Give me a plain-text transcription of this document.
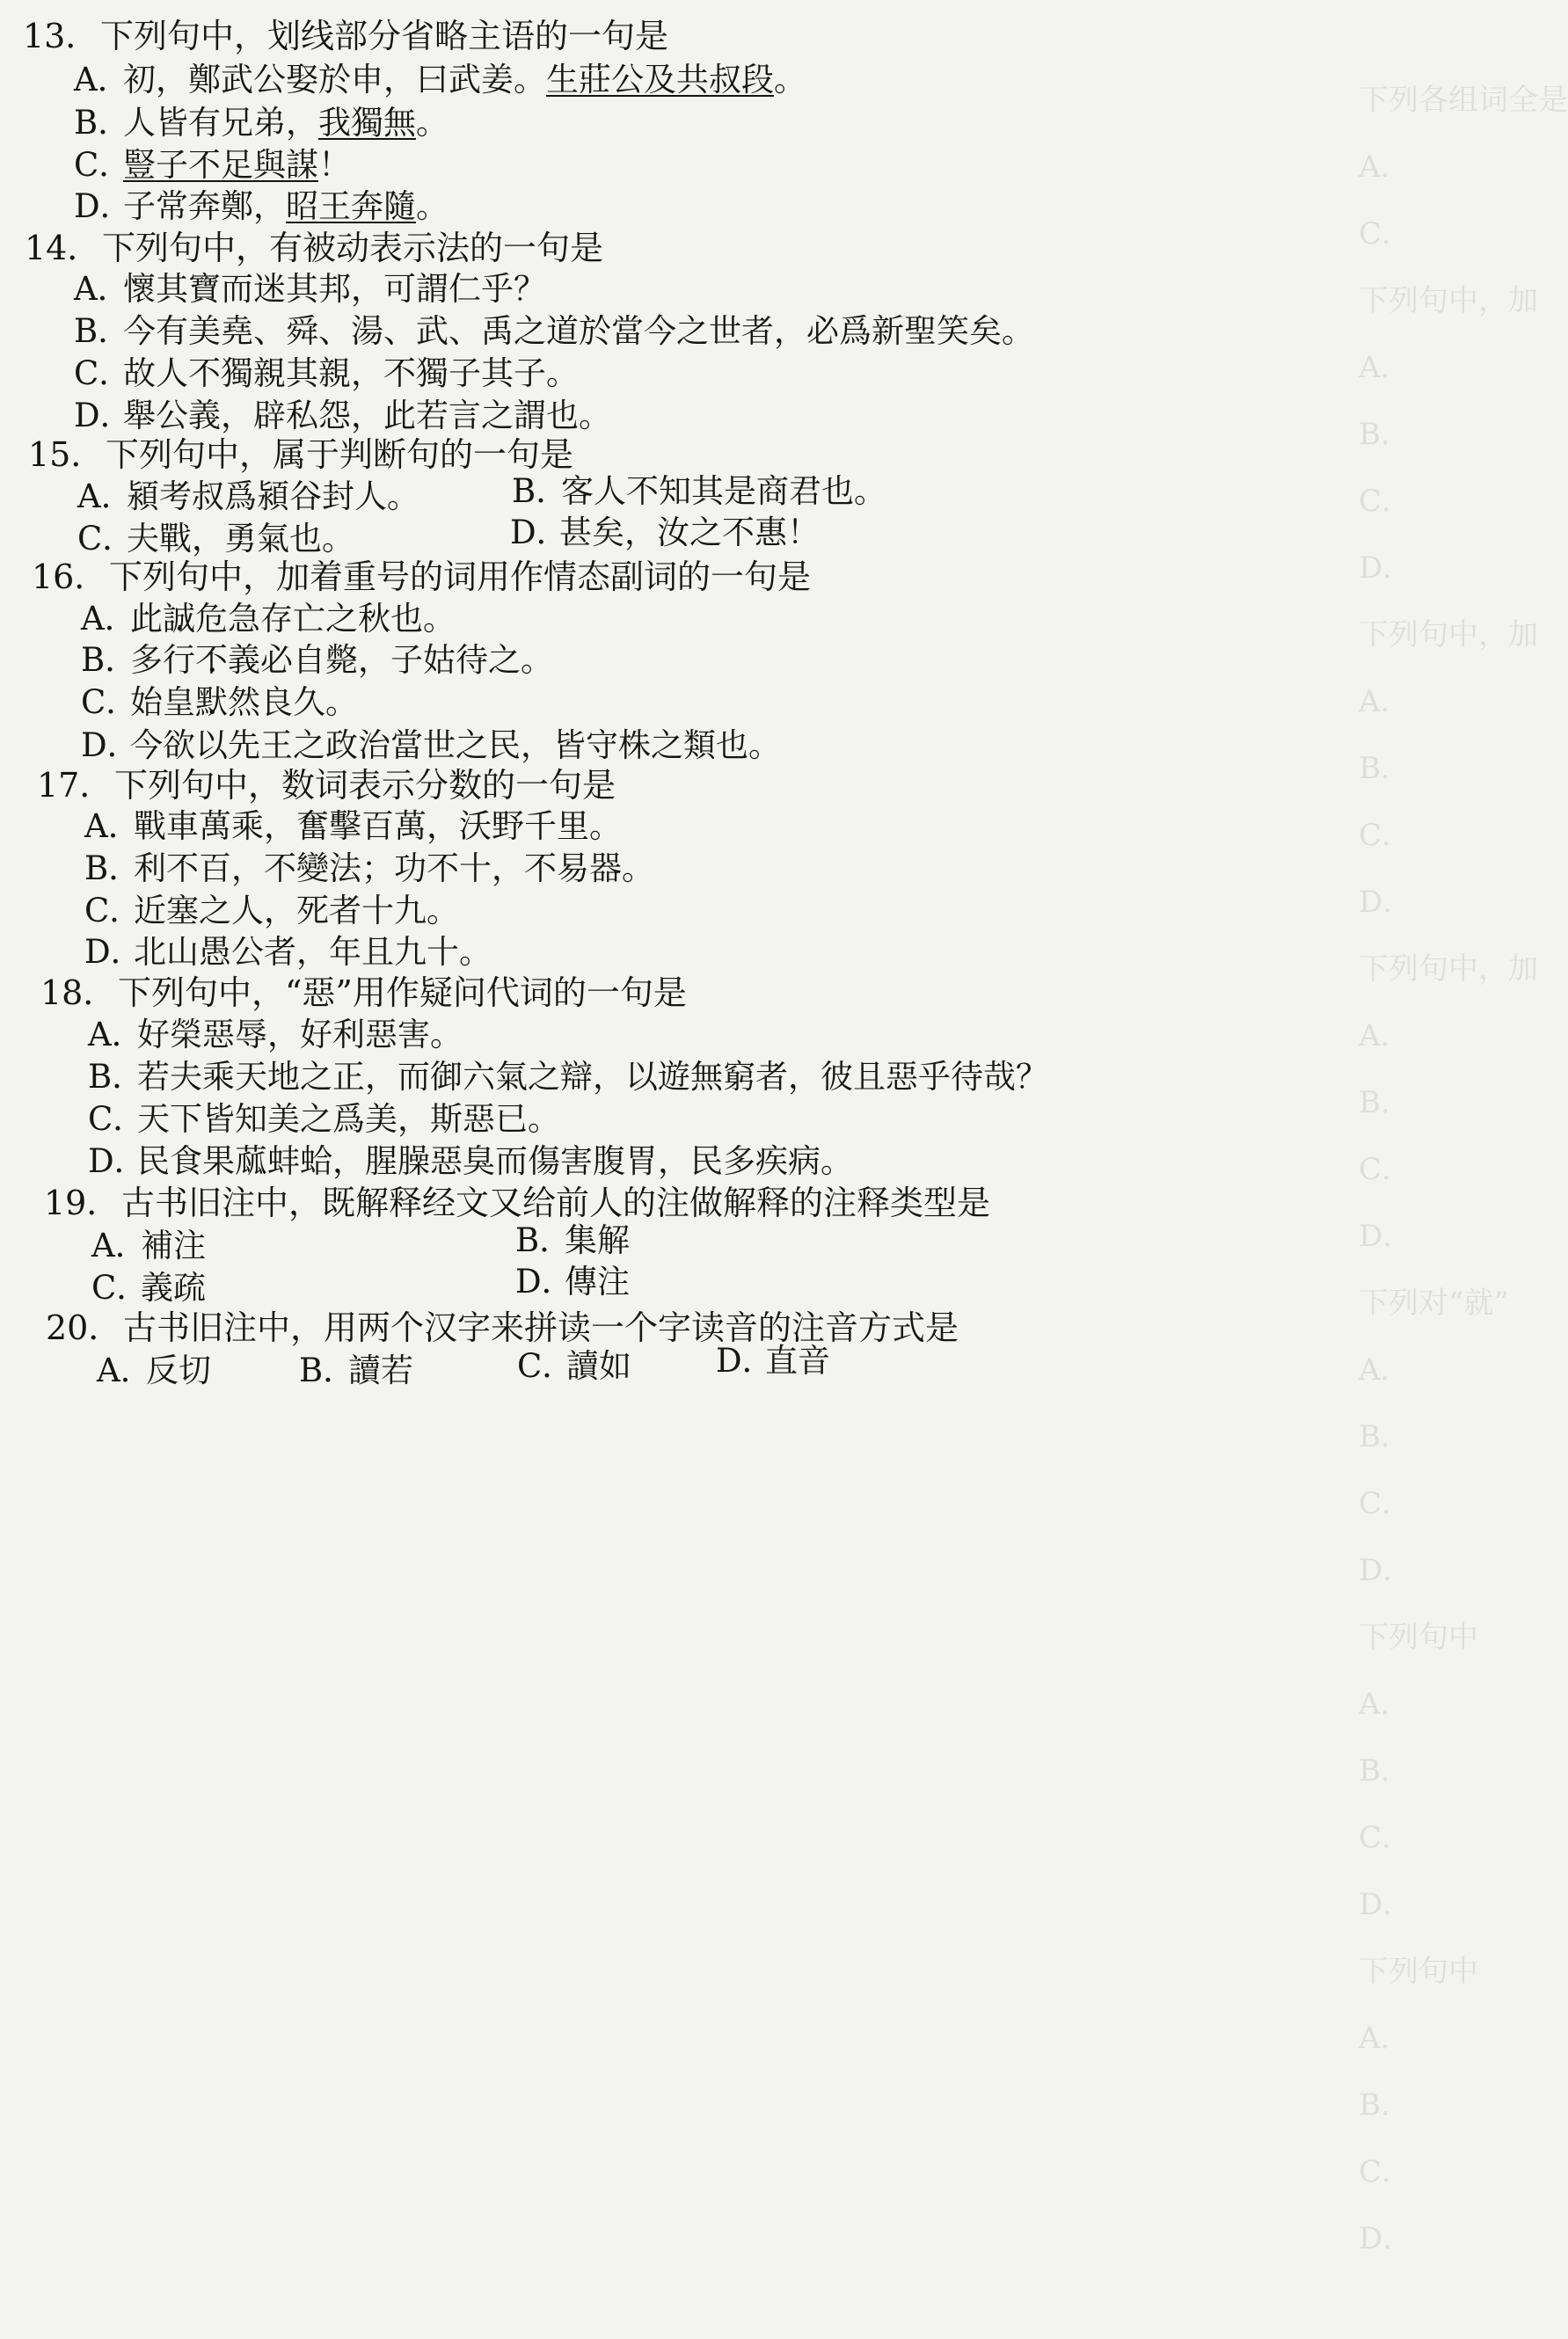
下列各组词全是
A．
C．
下列句中，加
A．
B．
C．
D．
下列句中，加
A．
B．
C．
D．
下列句中，加
A．
B．
C．
D．
下列对“就”
A．
B．
C．
D．
下列句中
A．
B．
C．
D．
下列句中
A．
B．
C．
D．

13．下列句中，划线部分省略主语的一句是
A．初，鄭武公娶於申，曰武姜。生莊公及共叔段。
B．人皆有兄弟，我獨無。
C．豎子不足與謀！
D．子常奔鄭，昭王奔隨。
14．下列句中，有被动表示法的一句是
A．懷其寶而迷其邦，可謂仁乎？
B．今有美堯、舜、湯、武、禹之道於當今之世者，必爲新聖笑矣。
C．故人不獨親其親，不獨子其子。
D．舉公義，辟私怨，此若言之謂也。
15．下列句中，属于判断句的一句是
A．潁考叔爲潁谷封人。	B．客人不知其是商君也。
C．夫戰，勇氣也。	D．甚矣，汝之不惠！
16．下列句中，加着重号的词用作情态副词的一句是
A．此誠危急存亡之秋也。
B．多行不義必自斃，子姑待之。
C．始皇默然良久。
D．今欲以先王之政治當世之民，皆守株之類也。
17．下列句中，数词表示分数的一句是
A．戰車萬乘，奮擊百萬，沃野千里。
B．利不百，不變法；功不十，不易器。
C．近塞之人，死者十九。
D．北山愚公者，年且九十。
18．下列句中，“惡”用作疑问代词的一句是
A．好榮惡辱，好利惡害。
B．若夫乘天地之正，而御六氣之辯，以遊無窮者，彼且惡乎待哉？
C．天下皆知美之爲美，斯惡已。
D．民食果蓏蚌蛤，腥臊惡臭而傷害腹胃，民多疾病。
19．古书旧注中，既解释经文又给前人的注做解释的注释类型是
A．補注	B．集解
C．義疏	D．傳注
20．古书旧注中，用两个汉字来拼读一个字读音的注音方式是
A．反切	B．讀若	C．讀如	D．直音
